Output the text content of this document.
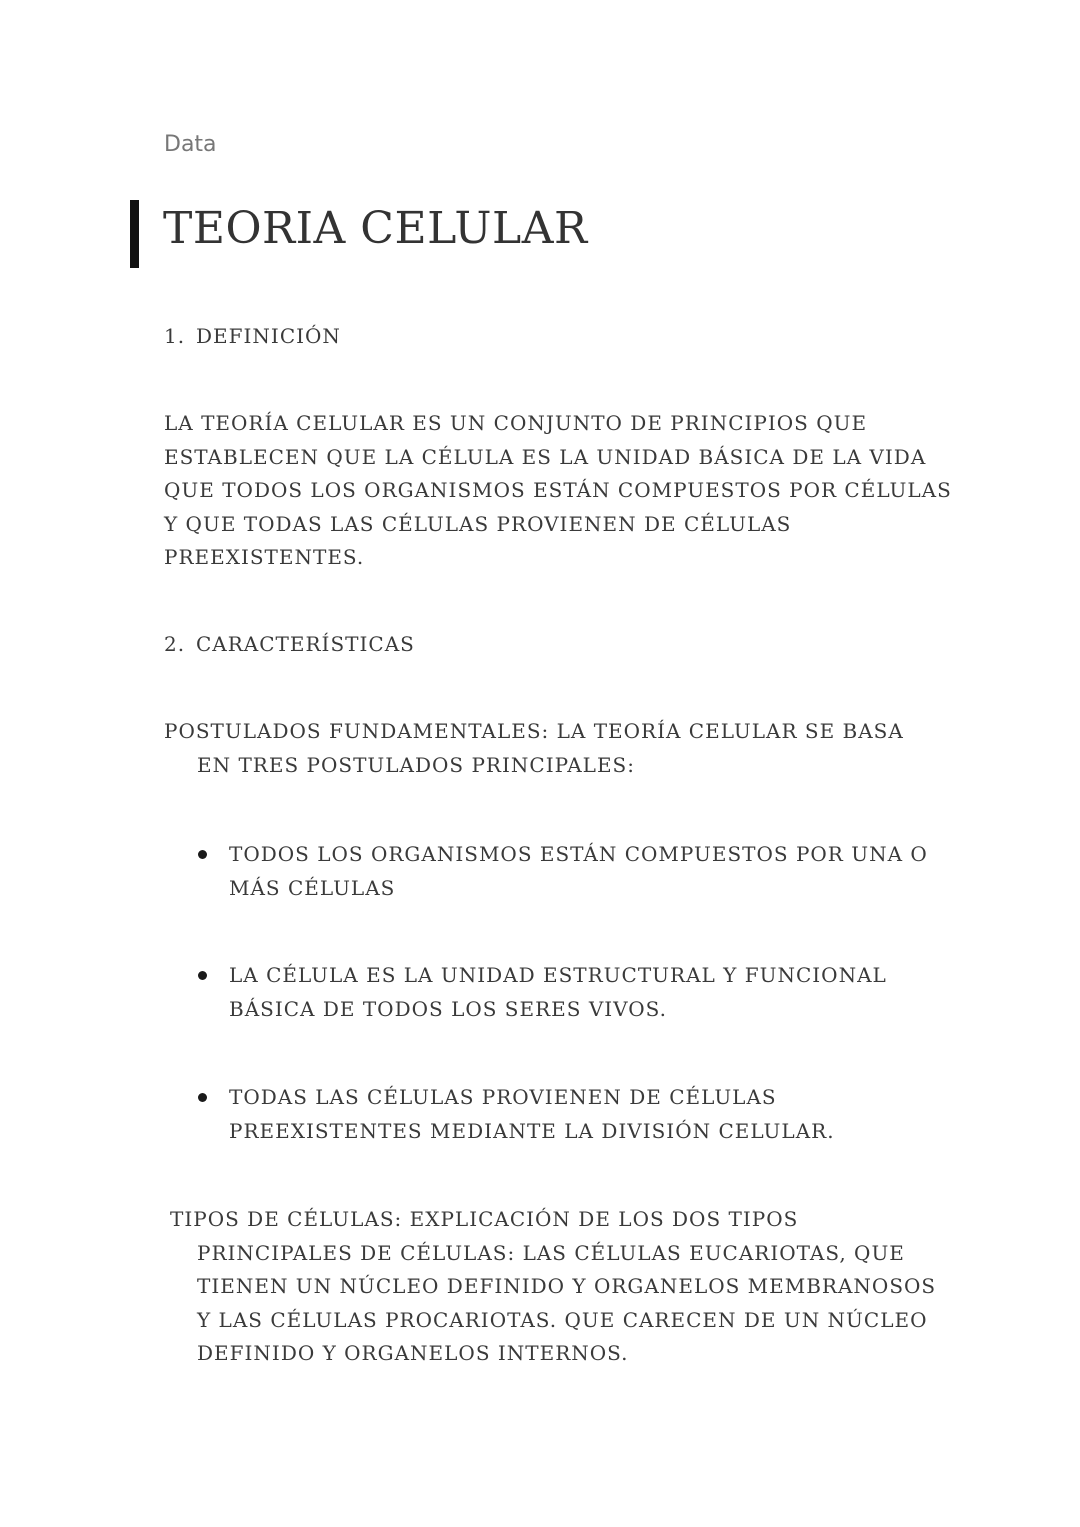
Data
TEORIA CELULAR
1. DEFINICIÓN
LA TEORÍA CELULAR ES UN CONJUNTO DE PRINCIPIOS QUE
ESTABLECEN QUE LA CÉLULA ES LA UNIDAD BÁSICA DE LA VIDA
QUE TODOS LOS ORGANISMOS ESTÁN COMPUESTOS POR CÉLULAS
Y QUE TODAS LAS CÉLULAS PROVIENEN DE CÉLULAS
PREEXISTENTES.
2. CARACTERÍSTICAS
POSTULADOS FUNDAMENTALES: LA TEORÍA CELULAR SE BASA
EN TRES POSTULADOS PRINCIPALES:
TODOS LOS ORGANISMOS ESTÁN COMPUESTOS POR UNA O
MÁS CÉLULAS
LA CÉLULA ES LA UNIDAD ESTRUCTURAL Y FUNCIONAL
BÁSICA DE TODOS LOS SERES VIVOS.
TODAS LAS CÉLULAS PROVIENEN DE CÉLULAS
PREEXISTENTES MEDIANTE LA DIVISIÓN CELULAR.
TIPOS DE CÉLULAS: EXPLICACIÓN DE LOS DOS TIPOS
PRINCIPALES DE CÉLULAS: LAS CÉLULAS EUCARIOTAS, QUE
TIENEN UN NÚCLEO DEFINIDO Y ORGANELOS MEMBRANOSOS
Y LAS CÉLULAS PROCARIOTAS. QUE CARECEN DE UN NÚCLEO
DEFINIDO Y ORGANELOS INTERNOS.
